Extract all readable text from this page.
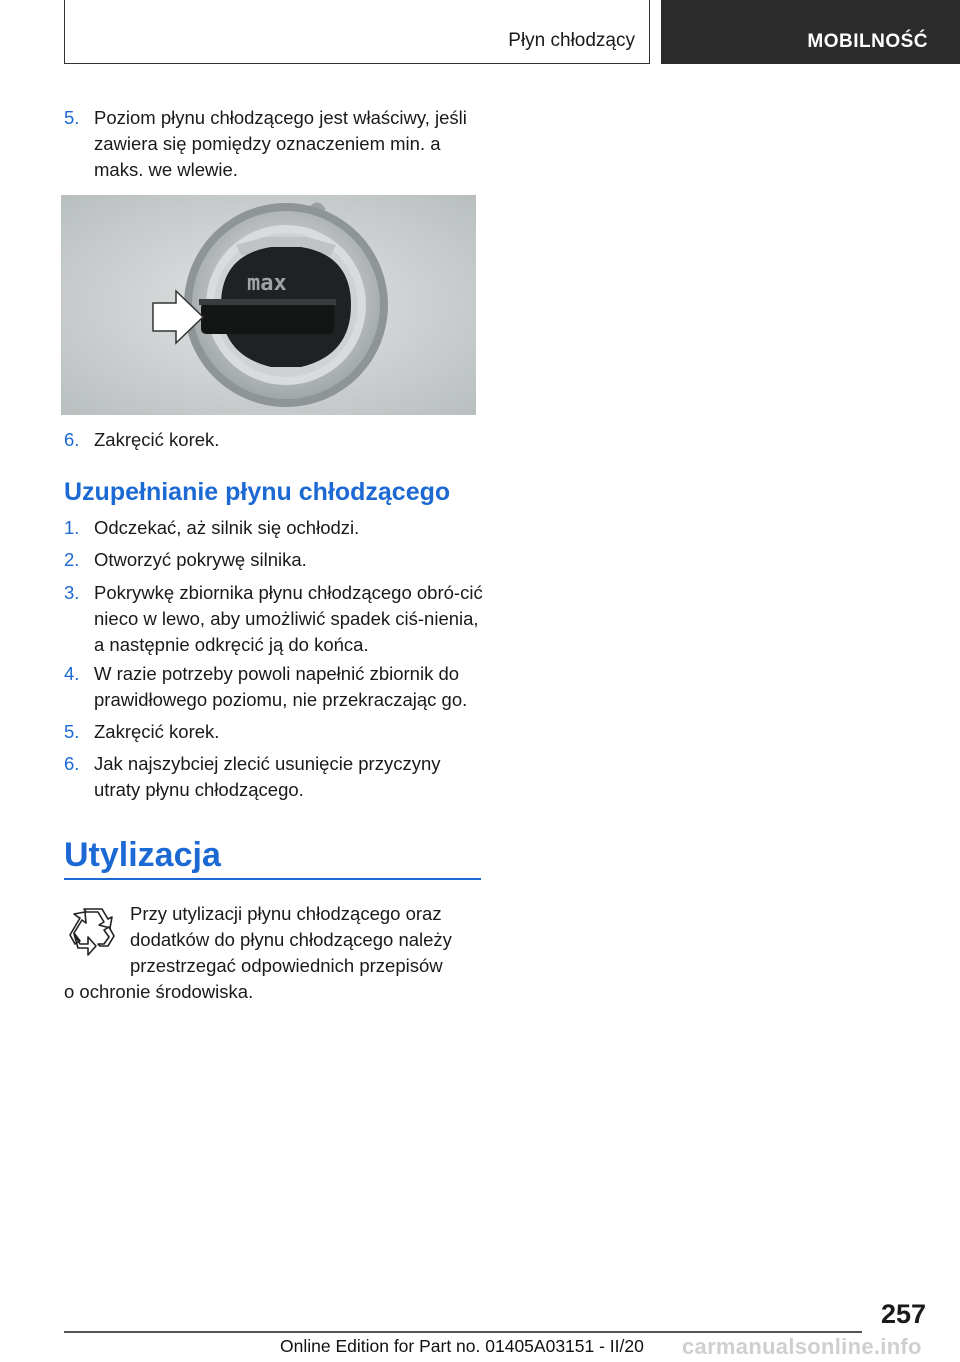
Płyn chłodzący	MOBILNOŚĆ
5. Poziom płynu chłodzącego jest właściwy, jeśli zawiera się pomiędzy oznaczeniem min. a maks. we wlewie.
max
6. Zakręcić korek.
Uzupełnianie płynu chłodzącego
1. Odczekać, aż silnik się ochłodzi.
2. Otworzyć pokrywę silnika.
3. Pokrywkę zbiornika płynu chłodzącego obró-cić nieco w lewo, aby umożliwić spadek ciś-nienia, a następnie odkręcić ją do końca.
4. W razie potrzeby powoli napełnić zbiornik do prawidłowego poziomu, nie przekraczając go.
5. Zakręcić korek.
6. Jak najszybciej zlecić usunięcie przyczyny utraty płynu chłodzącego.
Utylizacja
Przy utylizacji płynu chłodzącego oraz
dodatków do płynu chłodzącego należy
przestrzegać odpowiednich przepisów
o ochronie środowiska.
257
Online Edition for Part no. 01405A03151 - II/20 carmanualsonline.info
